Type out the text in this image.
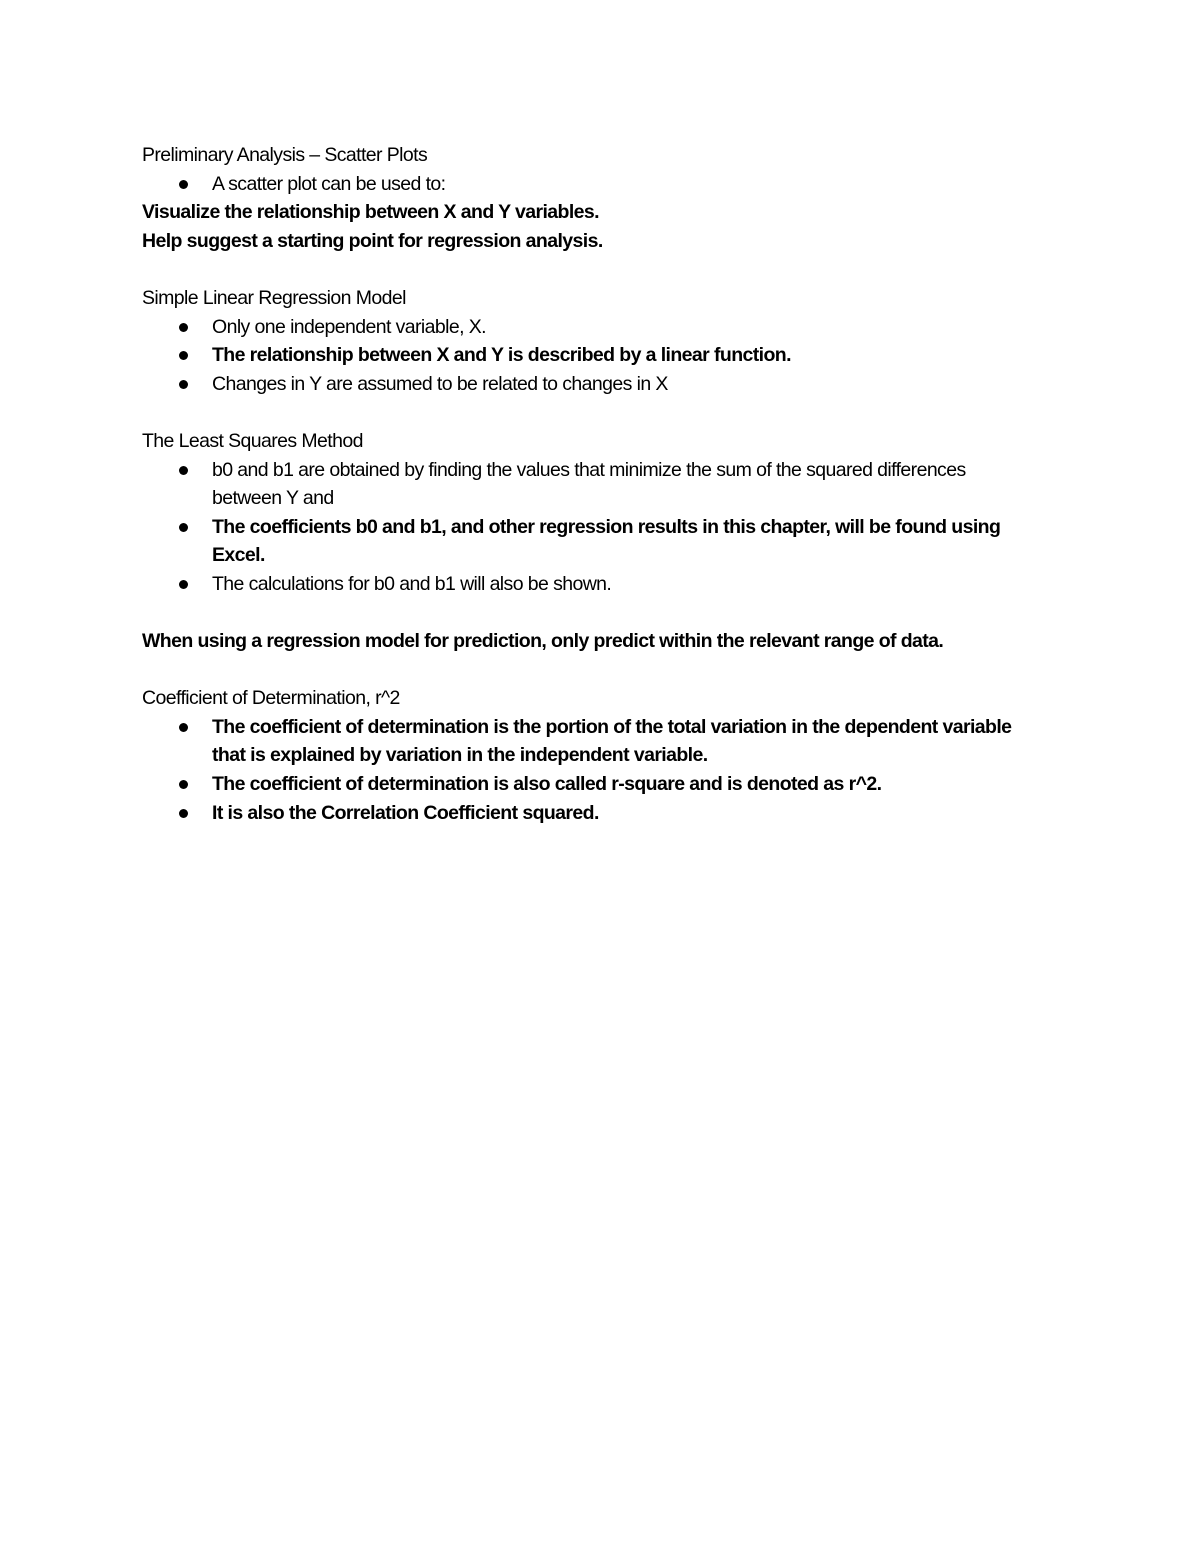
Preliminary Analysis – Scatter Plots

A scatter plot can be used to:

Visualize the relationship between X and Y variables.

Help suggest a starting point for regression analysis.

Simple Linear Regression Model

Only one independent variable, X.
The relationship between X and Y is described by a linear function.
Changes in Y are assumed to be related to changes in X

The Least Squares Method

b0 and b1 are obtained by finding the values that minimize the sum of the squared differences between Y and
The coefficients b0 and b1, and other regression results in this chapter, will be found using Excel.
The calculations for b0 and b1 will also be shown.

When using a regression model for prediction, only predict within the relevant range of data.

Coefficient of Determination, r^2

The coefficient of determination is the portion of the total variation in the dependent variable that is explained by variation in the independent variable.
The coefficient of determination is also called r-square and is denoted as r^2.
It is also the Correlation Coefficient squared.
